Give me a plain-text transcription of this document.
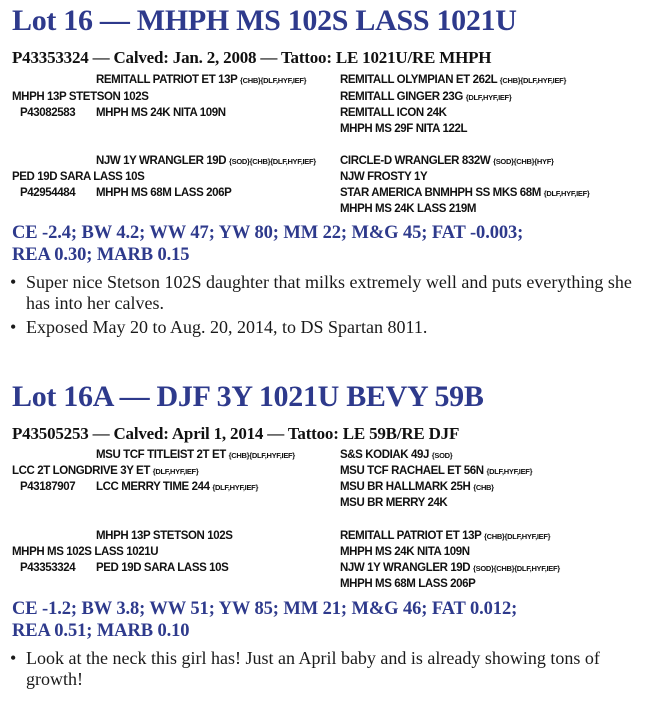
Lot 16 — MHPH MS 102S LASS 1021U
P43353324 — Calved: Jan. 2, 2008 — Tattoo: LE 1021U/RE MHPH
REMITALL PATRIOT ET 13P {CHB}{DLF,HYF,IEF}
MHPH 13P STETSON 102S
P43082583 MHPH MS 24K NITA 109N
REMITALL OLYMPIAN ET 262L {CHB}{DLF,HYF,IEF}
REMITALL GINGER 23G {DLF,HYF,IEF}
REMITALL ICON 24K
MHPH MS 29F NITA 122L
NJW 1Y WRANGLER 19D {SOD}{CHB}{DLF,HYF,IEF}
PED 19D SARA LASS 10S
P42954484 MHPH MS 68M LASS 206P
CIRCLE-D WRANGLER 832W {SOD}{CHB}{HYF}
NJW FROSTY 1Y
STAR AMERICA BNMHPH SS MKS 68M {DLF,HYF,IEF}
MHPH MS 24K LASS 219M
CE -2.4; BW 4.2; WW 47; YW 80; MM 22; M&G 45; FAT -0.003;
REA 0.30; MARB 0.15
• Super nice Stetson 102S daughter that milks extremely well and puts everything she has into her calves.
• Exposed May 20 to Aug. 20, 2014, to DS Spartan 8011.
Lot 16A — DJF 3Y 1021U BEVY 59B
P43505253 — Calved: April 1, 2014 — Tattoo: LE 59B/RE DJF
MSU TCF TITLEIST 2T ET {CHB}{DLF,HYF,IEF}
LCC 2T LONGDRIVE 3Y ET {DLF,HYF,IEF}
P43187907 LCC MERRY TIME 244 {DLF,HYF,IEF}
S&S KODIAK 49J {SOD}
MSU TCF RACHAEL ET 56N {DLF,HYF,IEF}
MSU BR HALLMARK 25H {CHB}
MSU BR MERRY 24K
MHPH 13P STETSON 102S
MHPH MS 102S LASS 1021U
P43353324 PED 19D SARA LASS 10S
REMITALL PATRIOT ET 13P {CHB}{DLF,HYF,IEF}
MHPH MS 24K NITA 109N
NJW 1Y WRANGLER 19D {SOD}{CHB}{DLF,HYF,IEF}
MHPH MS 68M LASS 206P
CE -1.2; BW 3.8; WW 51; YW 85; MM 21; M&G 46; FAT 0.012;
REA 0.51; MARB 0.10
• Look at the neck this girl has! Just an April baby and is already showing tons of growth!
